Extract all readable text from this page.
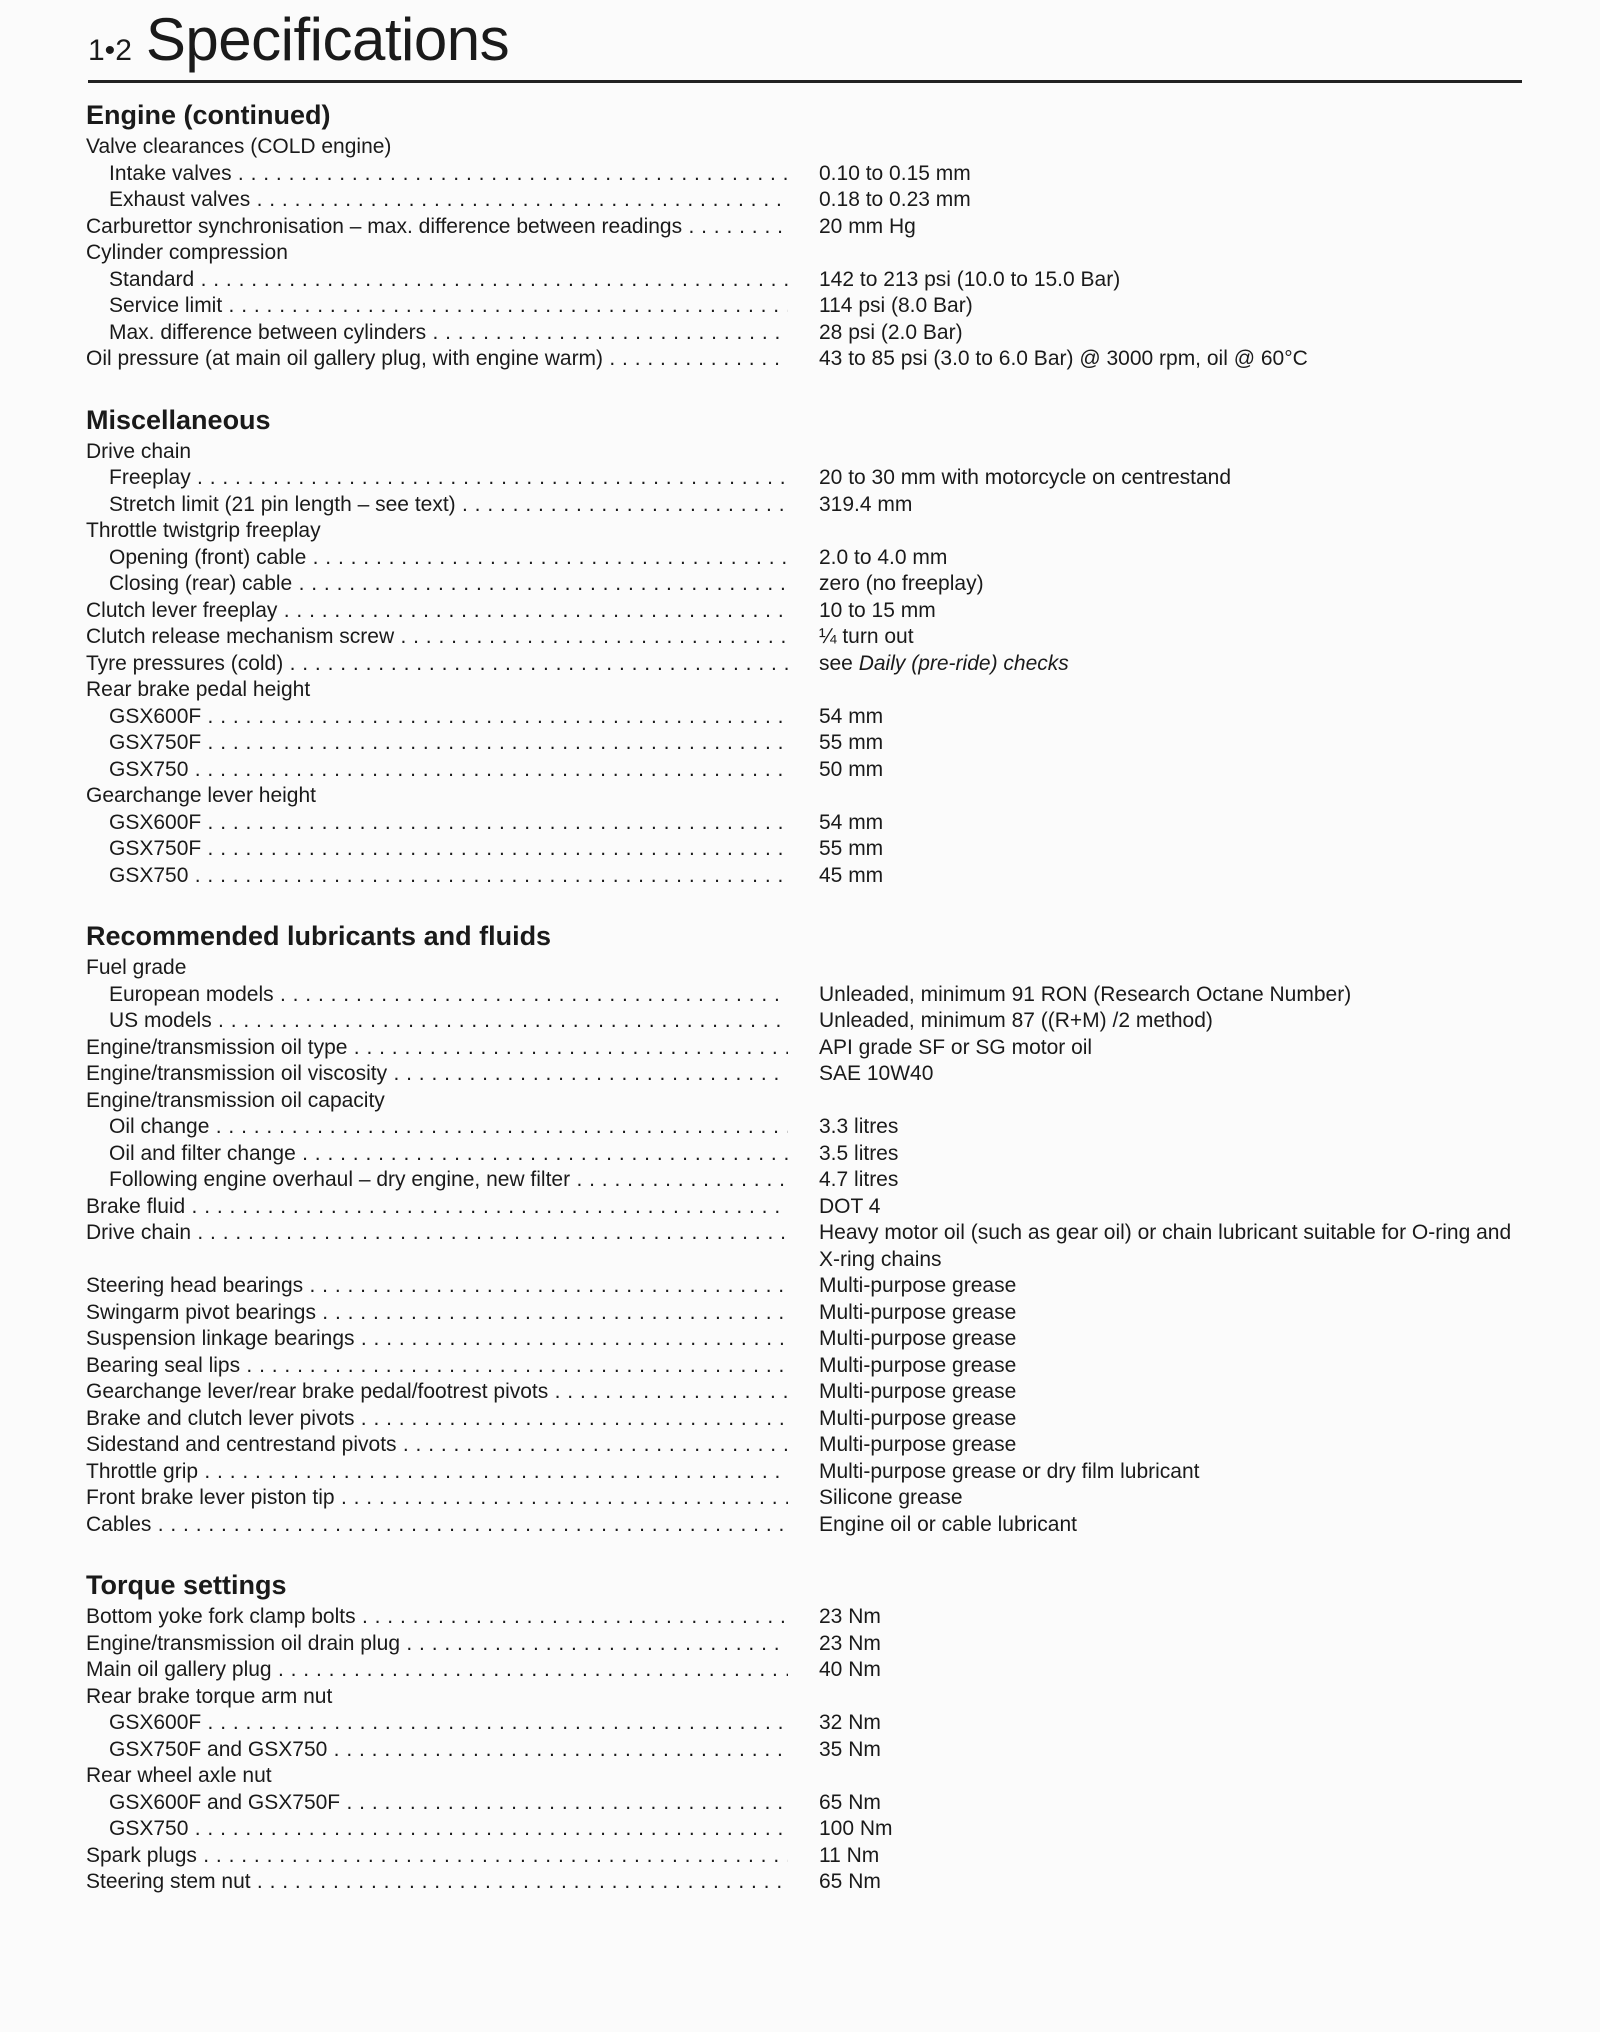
1•2 Specifications
Engine (continued)
Valve clearances (COLD engine)
Intake valves . . .	0.10 to 0.15 mm
Exhaust valves . . .	0.18 to 0.23 mm
Carburettor synchronisation – max. difference between readings . . .	20 mm Hg
Cylinder compression
Standard . . .	142 to 213 psi (10.0 to 15.0 Bar)
Service limit . . .	114 psi (8.0 Bar)
Max. difference between cylinders . . .	28 psi (2.0 Bar)
Oil pressure (at main oil gallery plug, with engine warm) . . .	43 to 85 psi (3.0 to 6.0 Bar) @ 3000 rpm, oil @ 60°C
Miscellaneous
Drive chain
Freeplay . . .	20 to 30 mm with motorcycle on centrestand
Stretch limit (21 pin length – see text) . . .	319.4 mm
Throttle twistgrip freeplay
Opening (front) cable . . .	2.0 to 4.0 mm
Closing (rear) cable . . .	zero (no freeplay)
Clutch lever freeplay . . .	10 to 15 mm
Clutch release mechanism screw . . .	¼ turn out
Tyre pressures (cold) . . .	see Daily (pre-ride) checks
Rear brake pedal height
GSX600F . . .	54 mm
GSX750F . . .	55 mm
GSX750 . . .	50 mm
Gearchange lever height
GSX600F . . .	54 mm
GSX750F . . .	55 mm
GSX750 . . .	45 mm
Recommended lubricants and fluids
Fuel grade
European models . . .	Unleaded, minimum 91 RON (Research Octane Number)
US models . . .	Unleaded, minimum 87 ((R+M) /2 method)
Engine/transmission oil type . . .	API grade SF or SG motor oil
Engine/transmission oil viscosity . . .	SAE 10W40
Engine/transmission oil capacity
Oil change . . .	3.3 litres
Oil and filter change . . .	3.5 litres
Following engine overhaul – dry engine, new filter . . .	4.7 litres
Brake fluid . . .	DOT 4
Drive chain . . .	Heavy motor oil (such as gear oil) or chain lubricant suitable for O-ring and X-ring chains
Steering head bearings . . .	Multi-purpose grease
Swingarm pivot bearings . . .	Multi-purpose grease
Suspension linkage bearings . . .	Multi-purpose grease
Bearing seal lips . . .	Multi-purpose grease
Gearchange lever/rear brake pedal/footrest pivots . . .	Multi-purpose grease
Brake and clutch lever pivots . . .	Multi-purpose grease
Sidestand and centrestand pivots . . .	Multi-purpose grease
Throttle grip . . .	Multi-purpose grease or dry film lubricant
Front brake lever piston tip . . .	Silicone grease
Cables . . .	Engine oil or cable lubricant
Torque settings
Bottom yoke fork clamp bolts . . .	23 Nm
Engine/transmission oil drain plug . . .	23 Nm
Main oil gallery plug . . .	40 Nm
Rear brake torque arm nut
GSX600F . . .	32 Nm
GSX750F and GSX750 . . .	35 Nm
Rear wheel axle nut
GSX600F and GSX750F . . .	65 Nm
GSX750 . . .	100 Nm
Spark plugs . . .	11 Nm
Steering stem nut . . .	65 Nm
